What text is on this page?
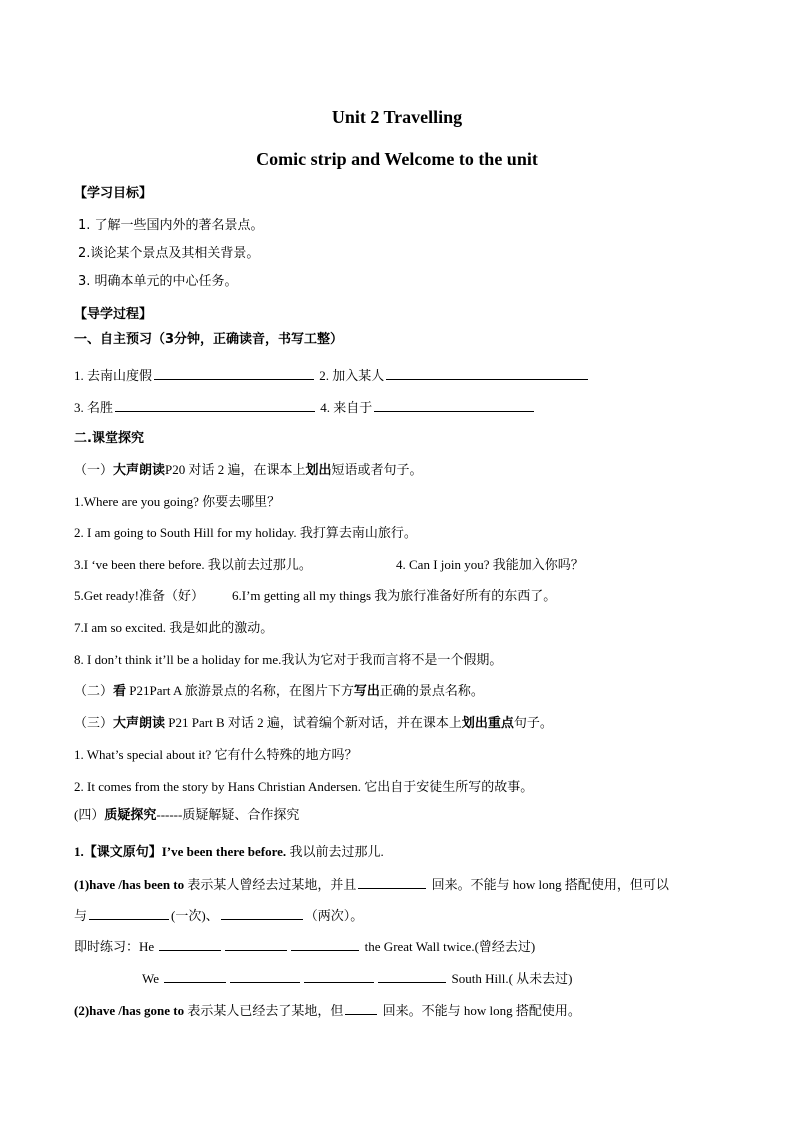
Unit 2 Travelling
Comic strip and Welcome to the unit
【学习目标】
1. 了解一些国内外的著名景点。
2.谈论某个景点及其相关背景。
3. 明确本单元的中心任务。
【导学过程】
一、自主预习（3分钟，正确读音，书写工整）
1. 去南山度假	2. 加入某人
3. 名胜	4. 来自于
二.课堂探究
（一）大声朗读P20 对话 2 遍，在课本上划出短语或者句子。
1.Where are you going? 你要去哪里？
2. I am going to South Hill for my holiday. 我打算去南山旅行。
3.I ‘ve been there before. 我以前去过那儿。	4. Can I join you? 我能加入你吗？
5.Get ready!准备（好） 6.I’m getting all my things 我为旅行准备好所有的东西了。
7.I am so excited. 我是如此的激动。
8. I don’t think it’ll be a holiday for me.我认为它对于我而言将不是一个假期。
（二）看 P21Part A 旅游景点的名称，在图片下方写出正确的景点名称。
（三）大声朗读 P21 Part B 对话 2 遍，试着编个新对话，并在课本上划出重点句子。
1. What’s special about it? 它有什么特殊的地方吗？
2. It comes from the story by Hans Christian Andersen. 它出自于安徒生所写的故事。
(四）质疑探究------质疑解疑、合作探究
1.【课文原句】I’ve been there before. 我以前去过那儿.
(1)have /has been to 表示某人曾经去过某地，并且	回来。不能与 how long 搭配使用，但可以
与	(一次)、	（两次）。
即时练习：He	the Great Wall twice.(曾经去过)
We	South Hill.( 从未去过)
(2)have /has gone to 表示某人已经去了某地，但	回来。不能与 how long 搭配使用。
